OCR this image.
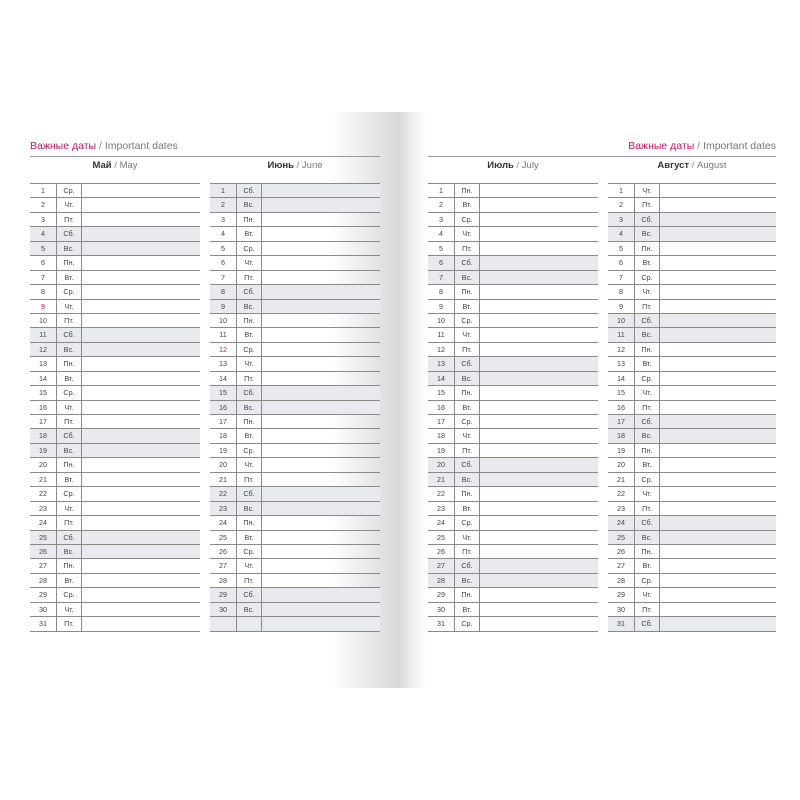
Важные даты / Important dates
Май / May
1	Ср.
2	Чт.
3	Пт.
4	Сб.
5	Вс.
6	Пн.
7	Вт.
8	Ср.
9	Чт.
10	Пт.
11	Сб.
12	Вс.
13	Пн.
14	Вт.
15	Ср.
16	Чт.
17	Пт.
18	Сб.
19	Вс.
20	Пн.
21	Вт.
22	Ср.
23	Чт.
24	Пт.
25	Сб.
26	Вс.
27	Пн.
28	Вт.
29	Ср.
30	Чт.
31	Пт.
Июнь / June
1	Сб.
2	Вс.
3	Пн.
4	Вт.
5	Ср.
6	Чт.
7	Пт.
8	Сб.
9	Вс.
10	Пн.
11	Вт.
12	Ср.
13	Чт.
14	Пт.
15	Сб.
16	Вс.
17	Пн.
18	Вт.
19	Ср.
20	Чт.
21	Пт.
22	Сб.
23	Вс.
24	Пн.
25	Вт.
26	Ср.
27	Чт.
28	Пт.
29	Сб.
30	Вс.
Важные даты / Important dates
Июль / July
1	Пн.
2	Вт.
3	Ср.
4	Чт.
5	Пт.
6	Сб.
7	Вс.
8	Пн.
9	Вт.
10	Ср.
11	Чт.
12	Пт.
13	Сб.
14	Вс.
15	Пн.
16	Вт.
17	Ср.
18	Чт.
19	Пт.
20	Сб.
21	Вс.
22	Пн.
23	Вт.
24	Ср.
25	Чт.
26	Пт.
27	Сб.
28	Вс.
29	Пн.
30	Вт.
31	Ср.
Август / August
1	Чт.
2	Пт.
3	Сб.
4	Вс.
5	Пн.
6	Вт.
7	Ср.
8	Чт.
9	Пт.
10	Сб.
11	Вс.
12	Пн.
13	Вт.
14	Ср.
15	Чт.
16	Пт.
17	Сб.
18	Вс.
19	Пн.
20	Вт.
21	Ср.
22	Чт.
23	Пт.
24	Сб.
25	Вс.
26	Пн.
27	Вт.
28	Ср.
29	Чт.
30	Пт.
31	Сб.
